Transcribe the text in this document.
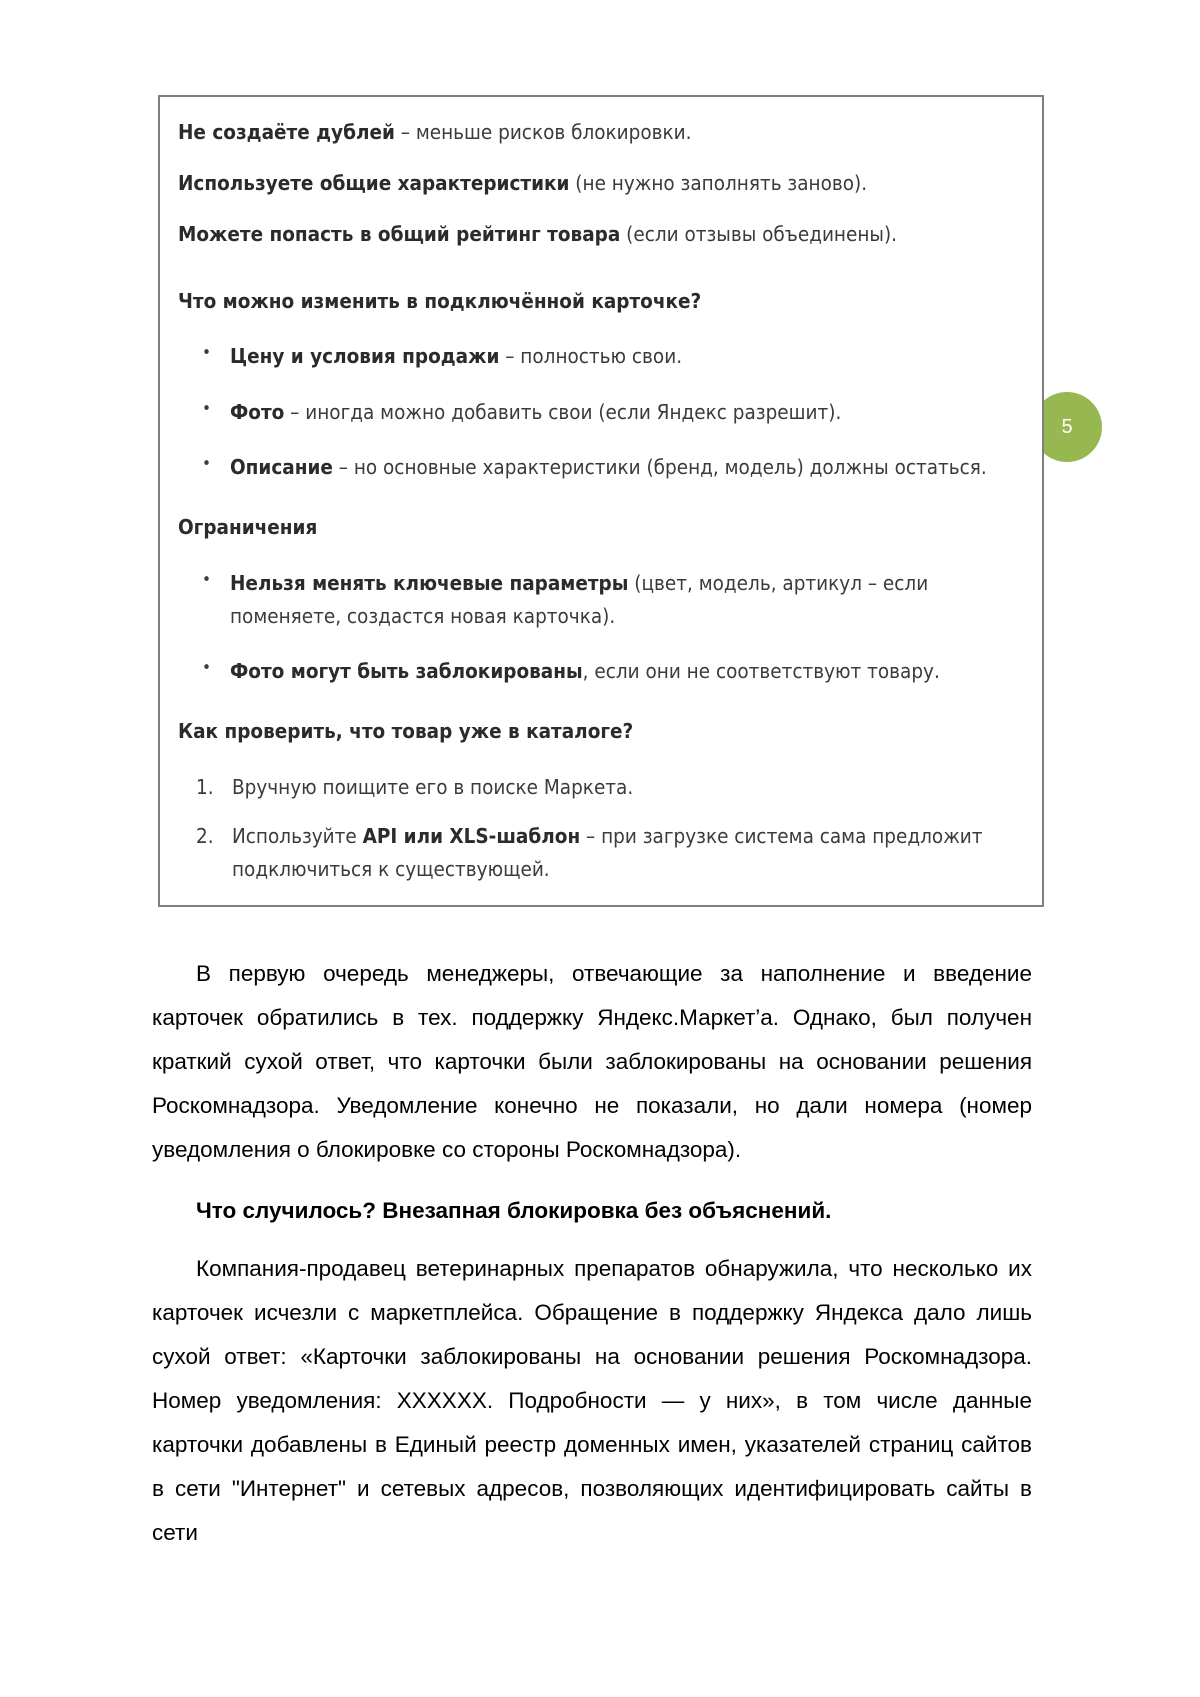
5

Не создаёте дублей – меньше рисков блокировки.

Используете общие характеристики (не нужно заполнять заново).

Можете попасть в общий рейтинг товара (если отзывы объединены).

Что можно изменить в подключённой карточке?

• Цену и условия продажи – полностью свои.
• Фото – иногда можно добавить свои (если Яндекс разрешит).
• Описание – но основные характеристики (бренд, модель) должны остаться.

Ограничения

• Нельзя менять ключевые параметры (цвет, модель, артикул – если поменяете, создастся новая карточка).
• Фото могут быть заблокированы, если они не соответствуют товару.

Как проверить, что товар уже в каталоге?

Вручную поищите его в поиске Маркета.
Используйте API или XLS-шаблон – при загрузке система сама предложит подключиться к существующей.

В первую очередь менеджеры, отвечающие за наполнение и введение карточек обратились в тех. поддержку Яндекс.Маркет’а. Однако, был получен краткий сухой ответ, что карточки были заблокированы на основании решения Роскомнадзора. Уведомление конечно не показали, но дали номера (номер уведомления о блокировке со стороны Роскомнадзора).

Что случилось? Внезапная блокировка без объяснений.

Компания-продавец ветеринарных препаратов обнаружила, что несколько их карточек исчезли с маркетплейса. Обращение в поддержку Яндекса дало лишь сухой ответ: «Карточки заблокированы на основании решения Роскомнадзора. Номер уведомления: XXXXXX. Подробности — у них», в том числе данные карточки добавлены в Единый реестр доменных имен, указателей страниц сайтов в сети "Интернет" и сетевых адресов, позволяющих идентифицировать сайты в сети
